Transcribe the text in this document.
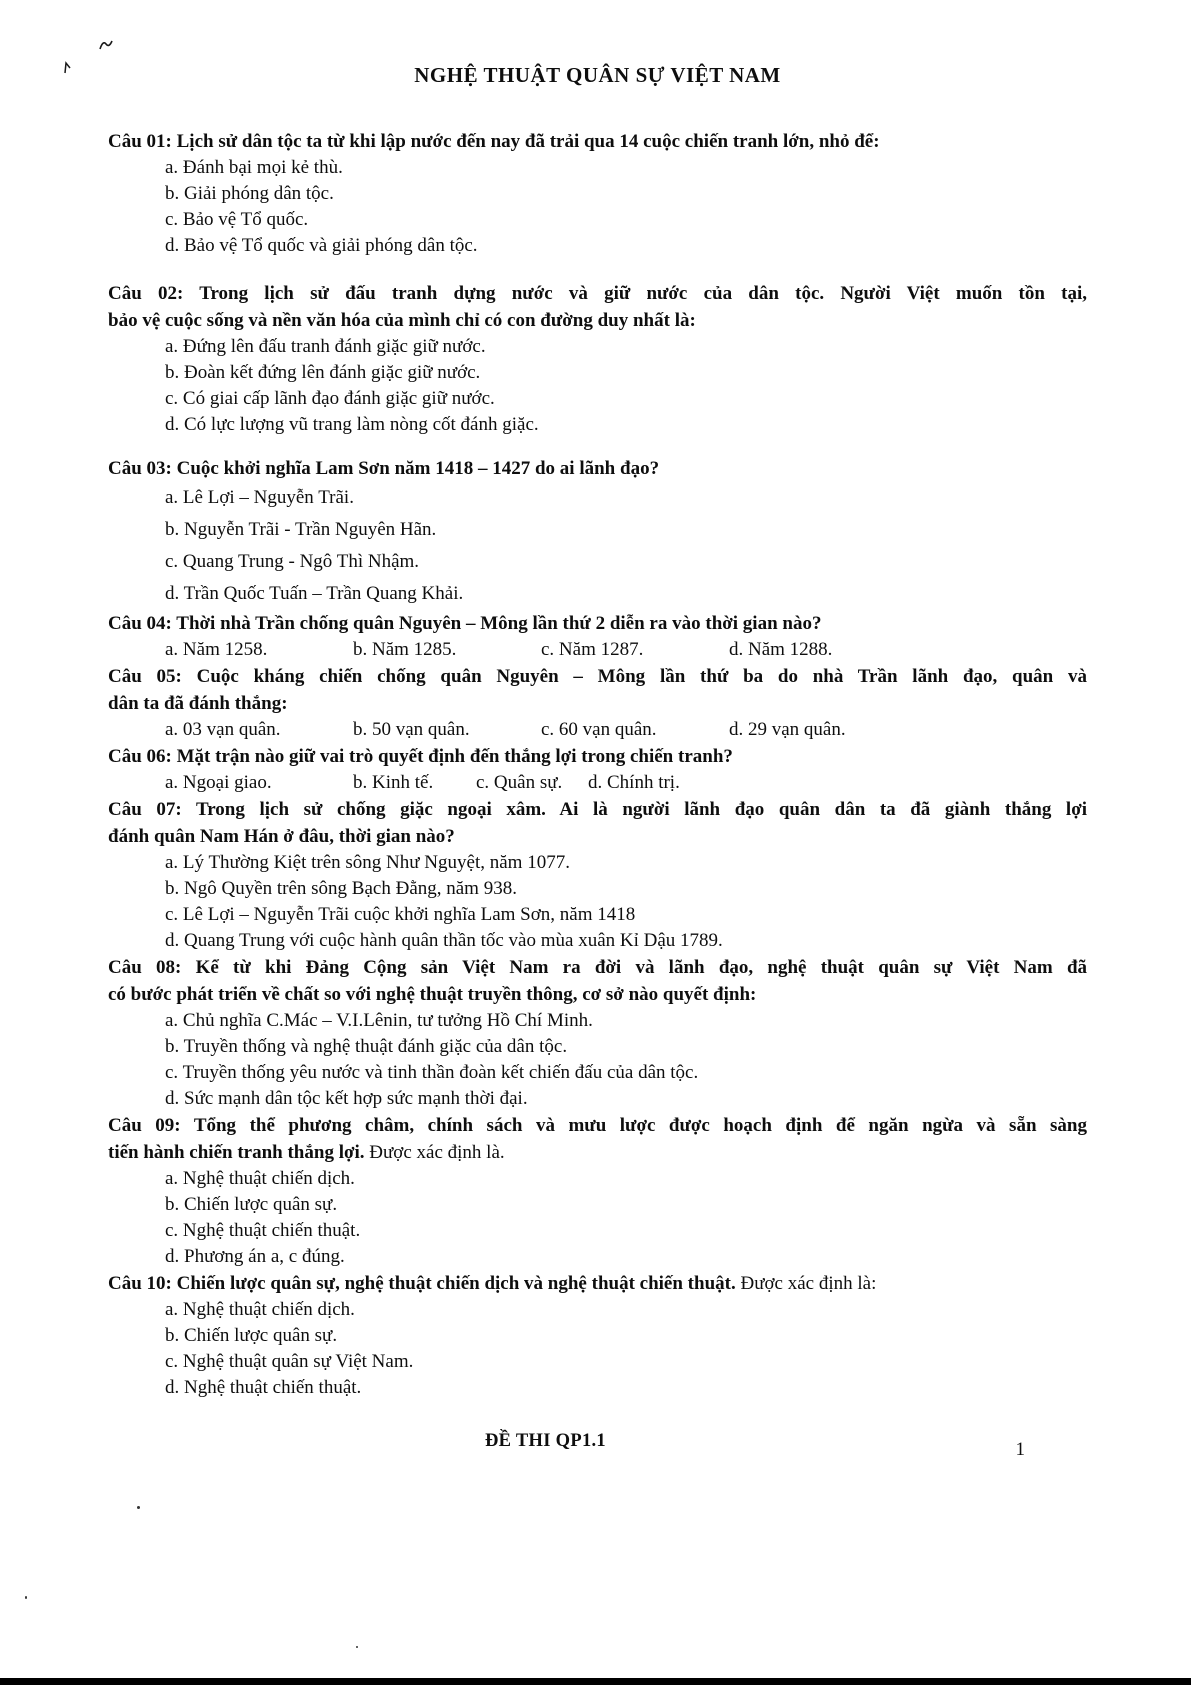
NGHỆ THUẬT QUÂN SỰ VIỆT NAM
Câu 01: Lịch sử dân tộc ta từ khi lập nước đến nay đã trải qua 14 cuộc chiến tranh lớn, nhỏ để:
a. Đánh bại mọi kẻ thù.
b. Giải phóng dân tộc.
c. Bảo vệ Tổ quốc.
d. Bảo vệ Tổ quốc và giải phóng dân tộc.
Câu 02: Trong lịch sử đấu tranh dựng nước và giữ nước của dân tộc. Người Việt muốn tồn tại,
bảo vệ cuộc sống và nền văn hóa của mình chỉ có con đường duy nhất là:
a. Đứng lên đấu tranh đánh giặc giữ nước.
b. Đoàn kết đứng lên đánh giặc giữ nước.
c. Có giai cấp lãnh đạo đánh giặc giữ nước.
d. Có lực lượng vũ trang làm nòng cốt đánh giặc.
Câu 03: Cuộc khởi nghĩa Lam Sơn năm 1418 – 1427 do ai lãnh đạo?
a. Lê Lợi – Nguyễn Trãi.
b. Nguyễn Trãi - Trần Nguyên Hãn.
c. Quang Trung - Ngô Thì Nhậm.
d. Trần Quốc Tuấn – Trần Quang Khải.
Câu 04: Thời nhà Trần chống quân Nguyên – Mông lần thứ 2 diễn ra vào thời gian nào?
a. Năm 1258.	b. Năm 1285.	c. Năm 1287.	d. Năm 1288.
Câu 05: Cuộc kháng chiến chống quân Nguyên – Mông lần thứ ba do nhà Trần lãnh đạo, quân và
dân ta đã đánh thắng:
a. 03 vạn quân.	b. 50 vạn quân.	c. 60 vạn quân.	d. 29 vạn quân.
Câu 06: Mặt trận nào giữ vai trò quyết định đến thắng lợi trong chiến tranh?
a. Ngoại giao.	b. Kinh tế. c. Quân sự. d. Chính trị.
Câu 07: Trong lịch sử chống giặc ngoại xâm. Ai là người lãnh đạo quân dân ta đã giành thắng lợi
đánh quân Nam Hán ở đâu, thời gian nào?
a. Lý Thường Kiệt trên sông Như Nguyệt, năm 1077.
b. Ngô Quyền trên sông Bạch Đằng, năm 938.
c. Lê Lợi – Nguyễn Trãi cuộc khởi nghĩa Lam Sơn, năm 1418
d. Quang Trung với cuộc hành quân thần tốc vào mùa xuân Kỉ Dậu 1789.
Câu 08: Kể từ khi Đảng Cộng sản Việt Nam ra đời và lãnh đạo, nghệ thuật quân sự Việt Nam đã
có bước phát triển về chất so với nghệ thuật truyền thông, cơ sở nào quyết định:
a. Chủ nghĩa C.Mác – V.I.Lênin, tư tưởng Hồ Chí Minh.
b. Truyền thống và nghệ thuật đánh giặc của dân tộc.
c. Truyền thống yêu nước và tinh thần đoàn kết chiến đấu của dân tộc.
d. Sức mạnh dân tộc kết hợp sức mạnh thời đại.
Câu 09: Tổng thể phương châm, chính sách và mưu lược được hoạch định để ngăn ngừa và sẵn sàng
tiến hành chiến tranh thắng lợi. Được xác định là.
a. Nghệ thuật chiến dịch.
b. Chiến lược quân sự.
c. Nghệ thuật chiến thuật.
d. Phương án a, c đúng.
Câu 10: Chiến lược quân sự, nghệ thuật chiến dịch và nghệ thuật chiến thuật. Được xác định là:
a. Nghệ thuật chiến dịch.
b. Chiến lược quân sự.
c. Nghệ thuật quân sự Việt Nam.
d. Nghệ thuật chiến thuật.
ĐỀ THI QP1.1	1
